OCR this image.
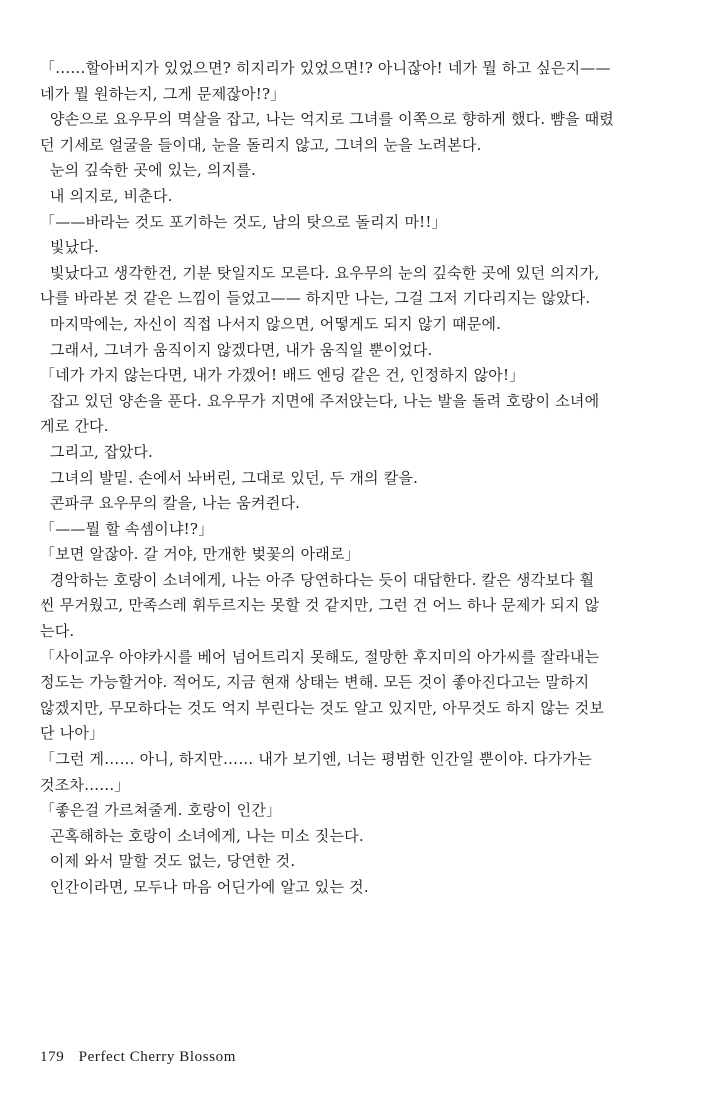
「……할아버지가 있었으면? 히지리가 있었으면!? 아니잖아! 네가 뭘 하고 싶은지——
네가 뭘 원하는지, 그게 문제잖아!?」
양손으로 요우무의 멱살을 잡고, 나는 억지로 그녀를 이쪽으로 향하게 했다. 뺨을 때렸
던 기세로 얼굴을 들이대, 눈을 돌리지 않고, 그녀의 눈을 노려본다.
눈의 깊숙한 곳에 있는, 의지를.
내 의지로, 비춘다.
「——바라는 것도 포기하는 것도, 남의 탓으로 돌리지 마!!」
빛났다.
빛났다고 생각한건, 기분 탓일지도 모른다. 요우무의 눈의 깊숙한 곳에 있던 의지가,
나를 바라본 것 같은 느낌이 들었고—— 하지만 나는, 그걸 그저 기다리지는 않았다.
마지막에는, 자신이 직접 나서지 않으면, 어떻게도 되지 않기 때문에.
그래서, 그녀가 움직이지 않겠다면, 내가 움직일 뿐이었다.
「네가 가지 않는다면, 내가 가겠어! 배드 엔딩 같은 건, 인정하지 않아!」
잡고 있던 양손을 푼다. 요우무가 지면에 주저앉는다, 나는 발을 돌려 호랑이 소녀에
게로 간다.
그리고, 잡았다.
그녀의 발밑. 손에서 놔버린, 그대로 있던, 두 개의 칼을.
콘파쿠 요우무의 칼을, 나는 움켜쥔다.
「——뭘 할 속셈이냐!?」
「보면 알잖아. 갈 거야, 만개한 벚꽃의 아래로」
경악하는 호랑이 소녀에게, 나는 아주 당연하다는 듯이 대답한다. 칼은 생각보다 훨
씬 무거웠고, 만족스레 휘두르지는 못할 것 같지만, 그런 건 어느 하나 문제가 되지 않
는다.
「사이교우 아야카시를 베어 넘어트리지 못해도, 절망한 후지미의 아가씨를 잘라내는
정도는 가능할거야. 적어도, 지금 현재 상태는 변해. 모든 것이 좋아진다고는 말하지
않겠지만, 무모하다는 것도 억지 부린다는 것도 알고 있지만, 아무것도 하지 않는 것보
단 나아」
「그런 게…… 아니, 하지만…… 내가 보기엔, 너는 평범한 인간일 뿐이야. 다가가는
것조차……」
「좋은걸 가르쳐줄게. 호랑이 인간」
곤혹해하는 호랑이 소녀에게, 나는 미소 짓는다.
이제 와서 말할 것도 없는, 당연한 것.
인간이라면, 모두나 마음 어딘가에 알고 있는 것.
179 Perfect Cherry Blossom
